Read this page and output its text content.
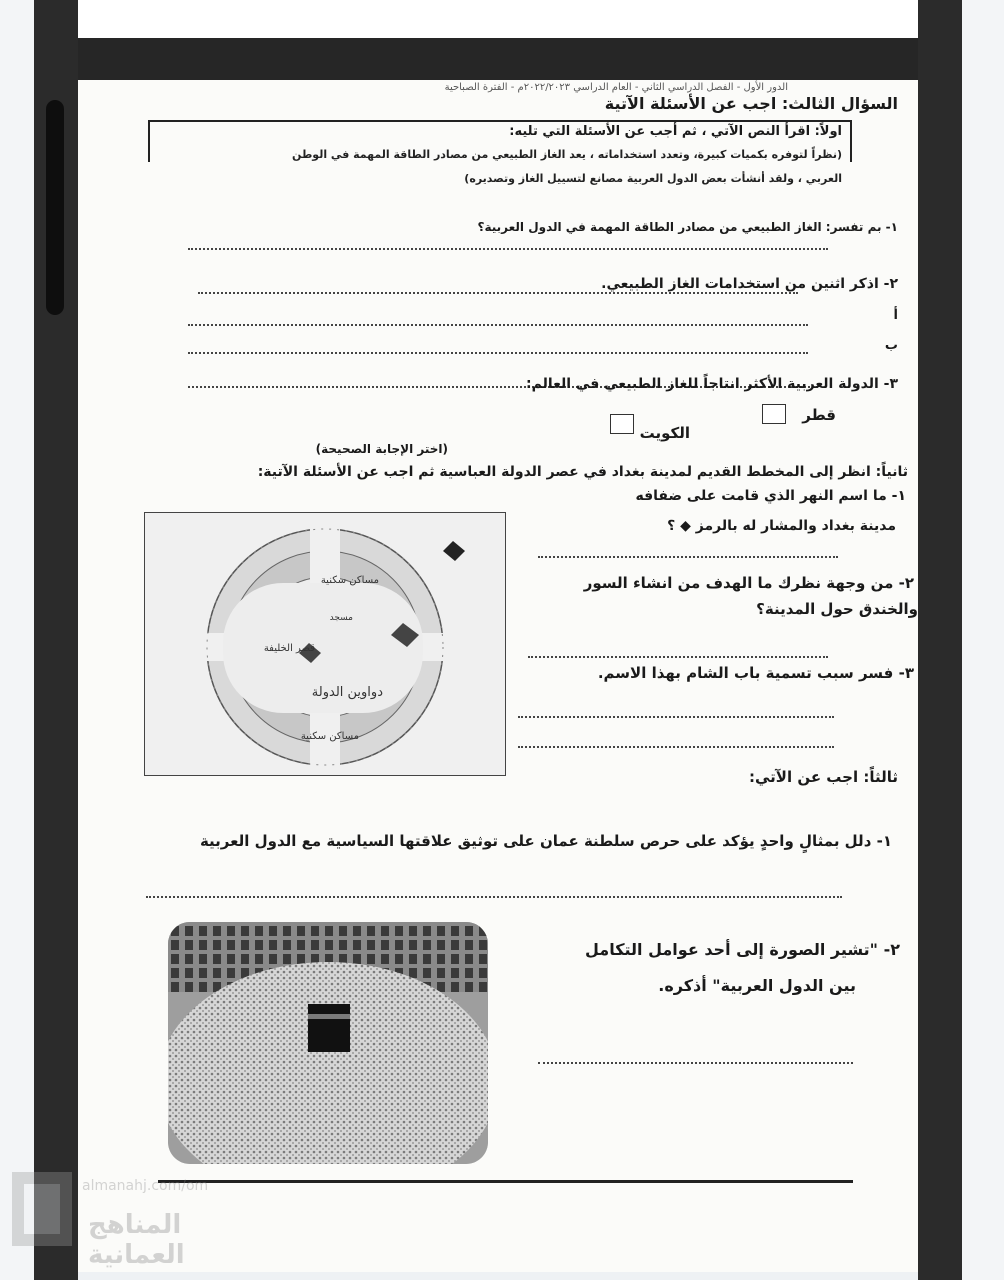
الدور الأول - الفصل الدراسي الثاني - العام الدراسي ٢٠٢٢/٢٠٢٣م - الفترة الصباحية
السؤال الثالث: اجب عن الأسئلة الآتية
اولاً: اقرأ النص الآتي ، ثم أجب عن الأسئلة التي تليه:
(نظراً لتوفره بكميات كبيرة، وتعدد استخداماته ، يعد الغاز الطبيعي من مصادر الطاقة المهمة في الوطن
العربي ، ولقد أنشأت بعض الدول العربية مصانع لتسييل الغاز وتصديره)
١- بم تفسر: الغاز الطبيعي من مصادر الطاقة المهمة في الدول العربية؟
٢- اذكر اثنين من استخدامات الغاز الطبيعي.
أ
ب
٣- الدولة العربية الأكثر انتاجاً للغاز الطبيعي في العالم:
قطر
الكويت
(اختر الإجابة الصحيحة)
ثانياً: انظر إلى المخطط القديم لمدينة بغداد في عصر الدولة العباسية ثم اجب عن الأسئلة الآتية:
١- ما اسم النهر الذي قامت على ضفافه
مدينة بغداد والمشار له بالرمز ◆ ؟
٢- من وجهة نظرك ما الهدف من انشاء السور
والخندق حول المدينة؟
٣- فسر سبب تسمية باب الشام بهذا الاسم.
دواوين الدولة
قصر الخليفة
مسجد
مساكن سكنية
مساكن سكنية
ثالثاً: اجب عن الآتي:
١- دلل بمثالٍ واحدٍ يؤكد على حرص سلطنة عمان على توثيق علاقتها السياسية مع الدول العربية
٢- "تشير الصورة إلى أحد عوامل التكامل
بين الدول العربية" أذكره.
almanahj.com/om
المناهج العمانية
